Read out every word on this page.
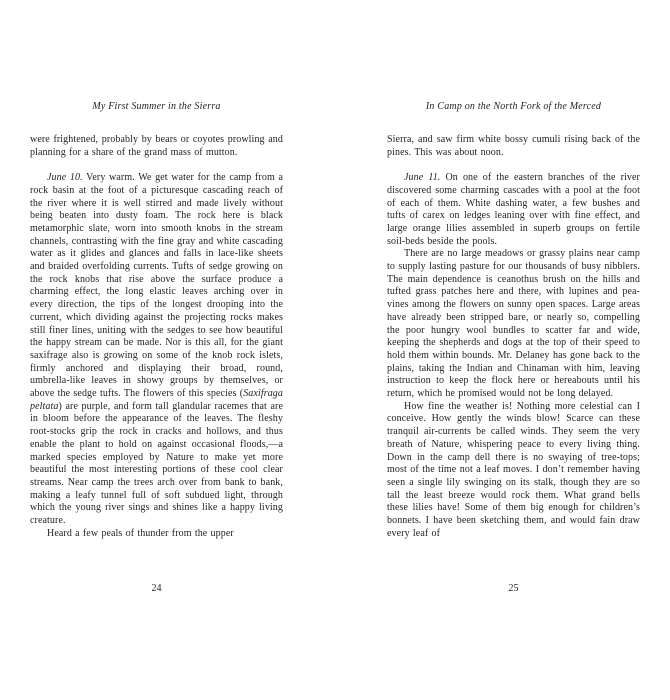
My First Summer in the Sierra

were frightened, probably by bears or coyotes prowling and planning for a share of the grand mass of mutton.

June 10. Very warm. We get water for the camp from a rock basin at the foot of a picturesque cascading reach of the river where it is well stirred and made lively without being beaten into dusty foam. The rock here is black metamorphic slate, worn into smooth knobs in the stream channels, contrasting with the fine gray and white cascading water as it glides and glances and falls in lace-like sheets and braided overfolding currents. Tufts of sedge growing on the rock knobs that rise above the surface produce a charming effect, the long elastic leaves arching over in every direction, the tips of the longest drooping into the current, which dividing against the projecting rocks makes still finer lines, uniting with the sedges to see how beautiful the happy stream can be made. Nor is this all, for the giant saxifrage also is growing on some of the knob rock islets, firmly anchored and displaying their broad, round, umbrella-like leaves in showy groups by themselves, or above the sedge tufts. The flowers of this species (Saxifraga peltata) are purple, and form tall glandular racemes that are in bloom before the appearance of the leaves. The fleshy root-stocks grip the rock in cracks and hollows, and thus enable the plant to hold on against occasional floods,—a marked species employed by Nature to make yet more beautiful the most interesting portions of these cool clear streams. Near camp the trees arch over from bank to bank, making a leafy tunnel full of soft subdued light, through which the young river sings and shines like a happy living creature.

Heard a few peals of thunder from the upper

24
In Camp on the North Fork of the Merced

Sierra, and saw firm white bossy cumuli rising back of the pines. This was about noon.

June 11. On one of the eastern branches of the river discovered some charming cascades with a pool at the foot of each of them. White dashing water, a few bushes and tufts of carex on ledges leaning over with fine effect, and large orange lilies assembled in superb groups on fertile soil-beds beside the pools.

There are no large meadows or grassy plains near camp to supply lasting pasture for our thousands of busy nibblers. The main dependence is ceanothus brush on the hills and tufted grass patches here and there, with lupines and pea-vines among the flowers on sunny open spaces. Large areas have already been stripped bare, or nearly so, compelling the poor hungry wool bundles to scatter far and wide, keeping the shepherds and dogs at the top of their speed to hold them within bounds. Mr. Delaney has gone back to the plains, taking the Indian and Chinaman with him, leaving instruction to keep the flock here or hereabouts until his return, which he promised would not be long delayed.

How fine the weather is! Nothing more celestial can I conceive. How gently the winds blow! Scarce can these tranquil air-currents be called winds. They seem the very breath of Nature, whispering peace to every living thing. Down in the camp dell there is no swaying of tree-tops; most of the time not a leaf moves. I don’t remember having seen a single lily swinging on its stalk, though they are so tall the least breeze would rock them. What grand bells these lilies have! Some of them big enough for children’s bonnets. I have been sketching them, and would fain draw every leaf of

25
